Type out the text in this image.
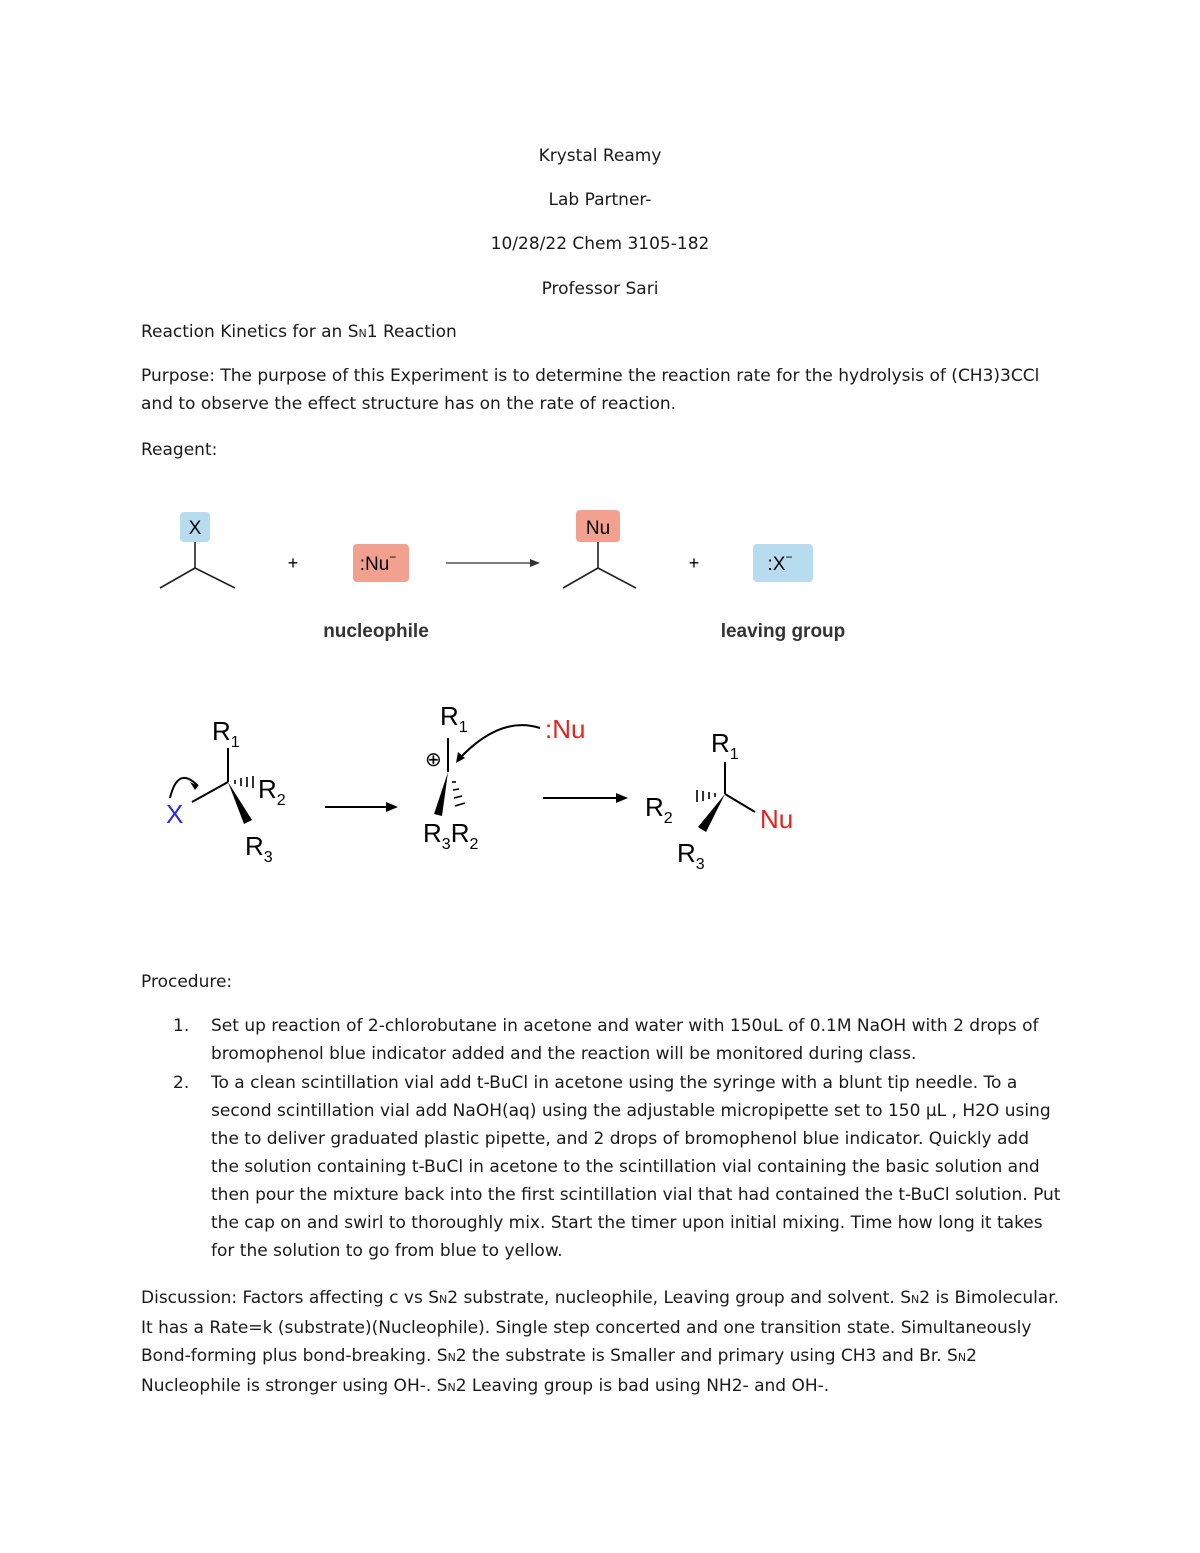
Krystal Reamy
Lab Partner-
10/28/22 Chem 3105-182
Professor Sari
Reaction Kinetics for an SN1 Reaction
Purpose: The purpose of this Experiment is to determine the reaction rate for the hydrolysis of (CH3)3CCl and to observe the effect structure has on the rate of reaction.
Reagent:
X
+	:Nu−
Nu
+	:X−
nucleophile	leaving group
$R_1$
$R_2$
$R_3$
X
$R_1$
⊕
$R_3R_2$
:Nu	$R_1$
$R_2$
$R_3$
Nu
Procedure:
1. Set up reaction of 2-chlorobutane in acetone and water with 150uL of 0.1M NaOH with 2 drops of bromophenol blue indicator added and the reaction will be monitored during class.
2. To a clean scintillation vial add t-BuCl in acetone using the syringe with a blunt tip needle. To a second scintillation vial add NaOH(aq) using the adjustable micropipette set to 150 µL , H2O using the to deliver graduated plastic pipette, and 2 drops of bromophenol blue indicator. Quickly add the solution containing t-BuCl in acetone to the scintillation vial containing the basic solution and then pour the mixture back into the first scintillation vial that had contained the t-BuCl solution. Put the cap on and swirl to thoroughly mix. Start the timer upon initial mixing. Time how long it takes for the solution to go from blue to yellow.
Discussion: Factors affecting c vs SN2 substrate, nucleophile, Leaving group and solvent. SN2 is Bimolecular. It has a Rate=k (substrate)(Nucleophile). Single step concerted and one transition state. Simultaneously Bond-forming plus bond-breaking. SN2 the substrate is Smaller and primary using CH3 and Br. SN2 Nucleophile is stronger using OH-. SN2 Leaving group is bad using NH2- and OH-.
